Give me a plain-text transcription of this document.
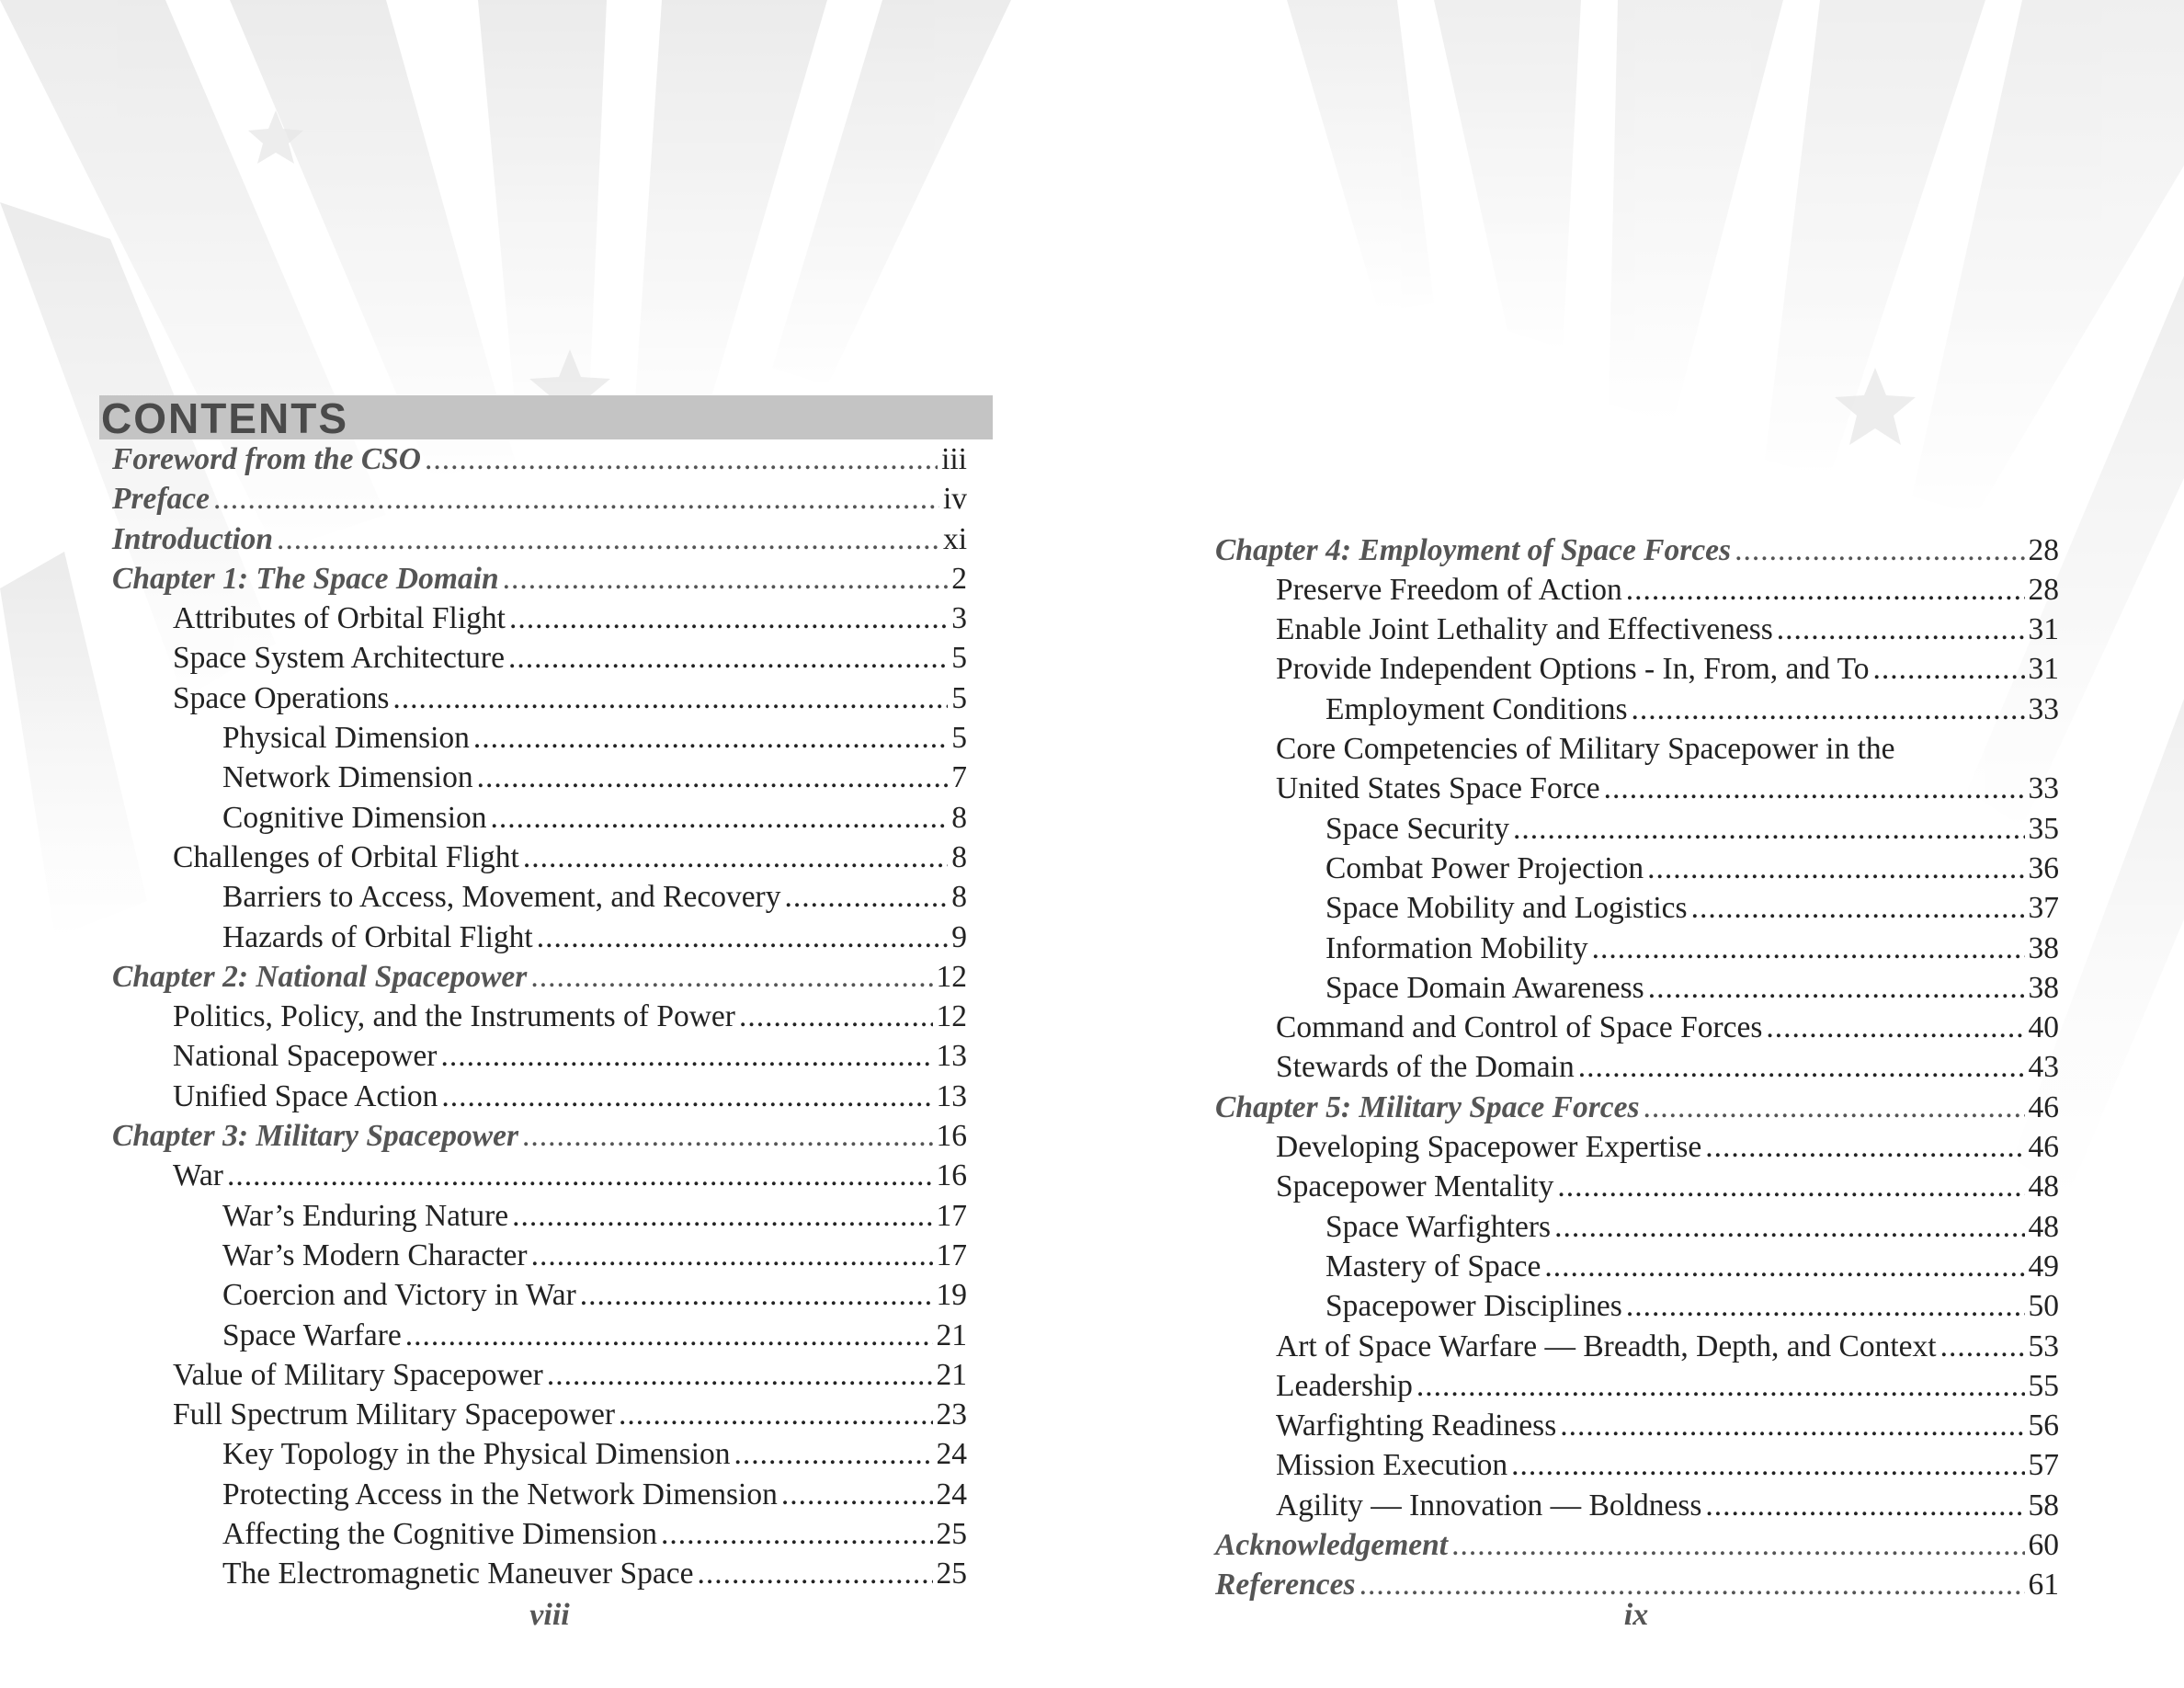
CONTENTS
Foreword from the CSO .....	iii
Preface .....	iv
Introduction .....	xi
Chapter 1: The Space Domain .....	2
Attributes of Orbital Flight .....	3
Space System Architecture .....	5
Space Operations .....	5
Physical Dimension .....	5
Network Dimension .....	7
Cognitive Dimension .....	8
Challenges of Orbital Flight .....	8
Barriers to Access, Movement, and Recovery .....	8
Hazards of Orbital Flight .....	9
Chapter 2: National Spacepower .....	12
Politics, Policy, and the Instruments of Power .....	12
National Spacepower .....	13
Unified Space Action .....	13
Chapter 3: Military Spacepower .....	16
War .....	16
War’s Enduring Nature .....	17
War’s Modern Character .....	17
Coercion and Victory in War .....	19
Space Warfare .....	21
Value of Military Spacepower .....	21
Full Spectrum Military Spacepower .....	23
Key Topology in the Physical Dimension .....	24
Protecting Access in the Network Dimension .....	24
Affecting the Cognitive Dimension .....	25
The Electromagnetic Maneuver Space .....	25
Chapter 4: Employment of Space Forces .....	28
Preserve Freedom of Action .....	28
Enable Joint Lethality and Effectiveness .....	31
Provide Independent Options - In, From, and To .....	31
Employment Conditions .....	33
Core Competencies of Military Spacepower in the
United States Space Force .....	33
Space Security .....	35
Combat Power Projection .....	36
Space Mobility and Logistics .....	37
Information Mobility .....	38
Space Domain Awareness .....	38
Command and Control of Space Forces .....	40
Stewards of the Domain .....	43
Chapter 5: Military Space Forces .....	46
Developing Spacepower Expertise .....	46
Spacepower Mentality .....	48
Space Warfighters .....	48
Mastery of Space .....	49
Spacepower Disciplines .....	50
Art of Space Warfare — Breadth, Depth, and Context .....	53
Leadership .....	55
Warfighting Readiness .....	56
Mission Execution .....	57
Agility — Innovation — Boldness .....	58
Acknowledgement .....	60
References .....	61
viii	ix
